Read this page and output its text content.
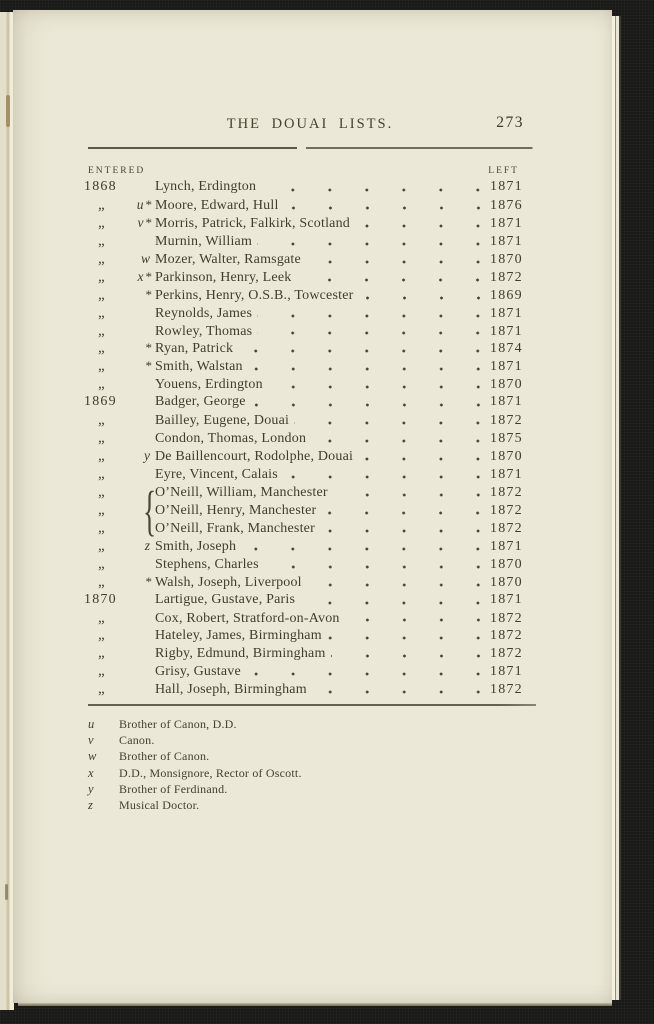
THE DOUAI LISTS.	273
ENTERED	LEFT
1868	Lynch, Erdington	1871
„	u * Moore, Edward, Hull	1876
„	v * Morris, Patrick, Falkirk, Scotland	1871
„	Murnin, William	1871
„	w Mozer, Walter, Ramsgate	1870
„	x * Parkinson, Henry, Leek	1872
„	* Perkins, Henry, O.S.B., Towcester	1869
„	Reynolds, James	1871
„	Rowley, Thomas	1871
„	* Ryan, Patrick	1874
„	* Smith, Walstan	1871
„	Youens, Erdington	1870
1869	Badger, George	1871
„	Bailley, Eugene, Douai	1872
„	Condon, Thomas, London	1875
„	y De Baillencourt, Rodolphe, Douai	1870
„	Eyre, Vincent, Calais	1871
„	O’Neill, William, Manchester	1872
„	O’Neill, Henry, Manchester	1872
„	O’Neill, Frank, Manchester	1872
„	z Smith, Joseph	1871
„	Stephens, Charles	1870
„	* Walsh, Joseph, Liverpool	1870
1870	Lartigue, Gustave, Paris	1871
„	Cox, Robert, Stratford-on-Avon	1872
„	Hateley, James, Birmingham	1872
„	Rigby, Edmund, Birmingham	1872
„	Grisy, Gustave	1871
„	Hall, Joseph, Birmingham	1872
{
u	Brother of Canon, D.D.
v	Canon.
w	Brother of Canon.
x	D.D., Monsignore, Rector of Oscott.
y	Brother of Ferdinand.
z	Musical Doctor.
